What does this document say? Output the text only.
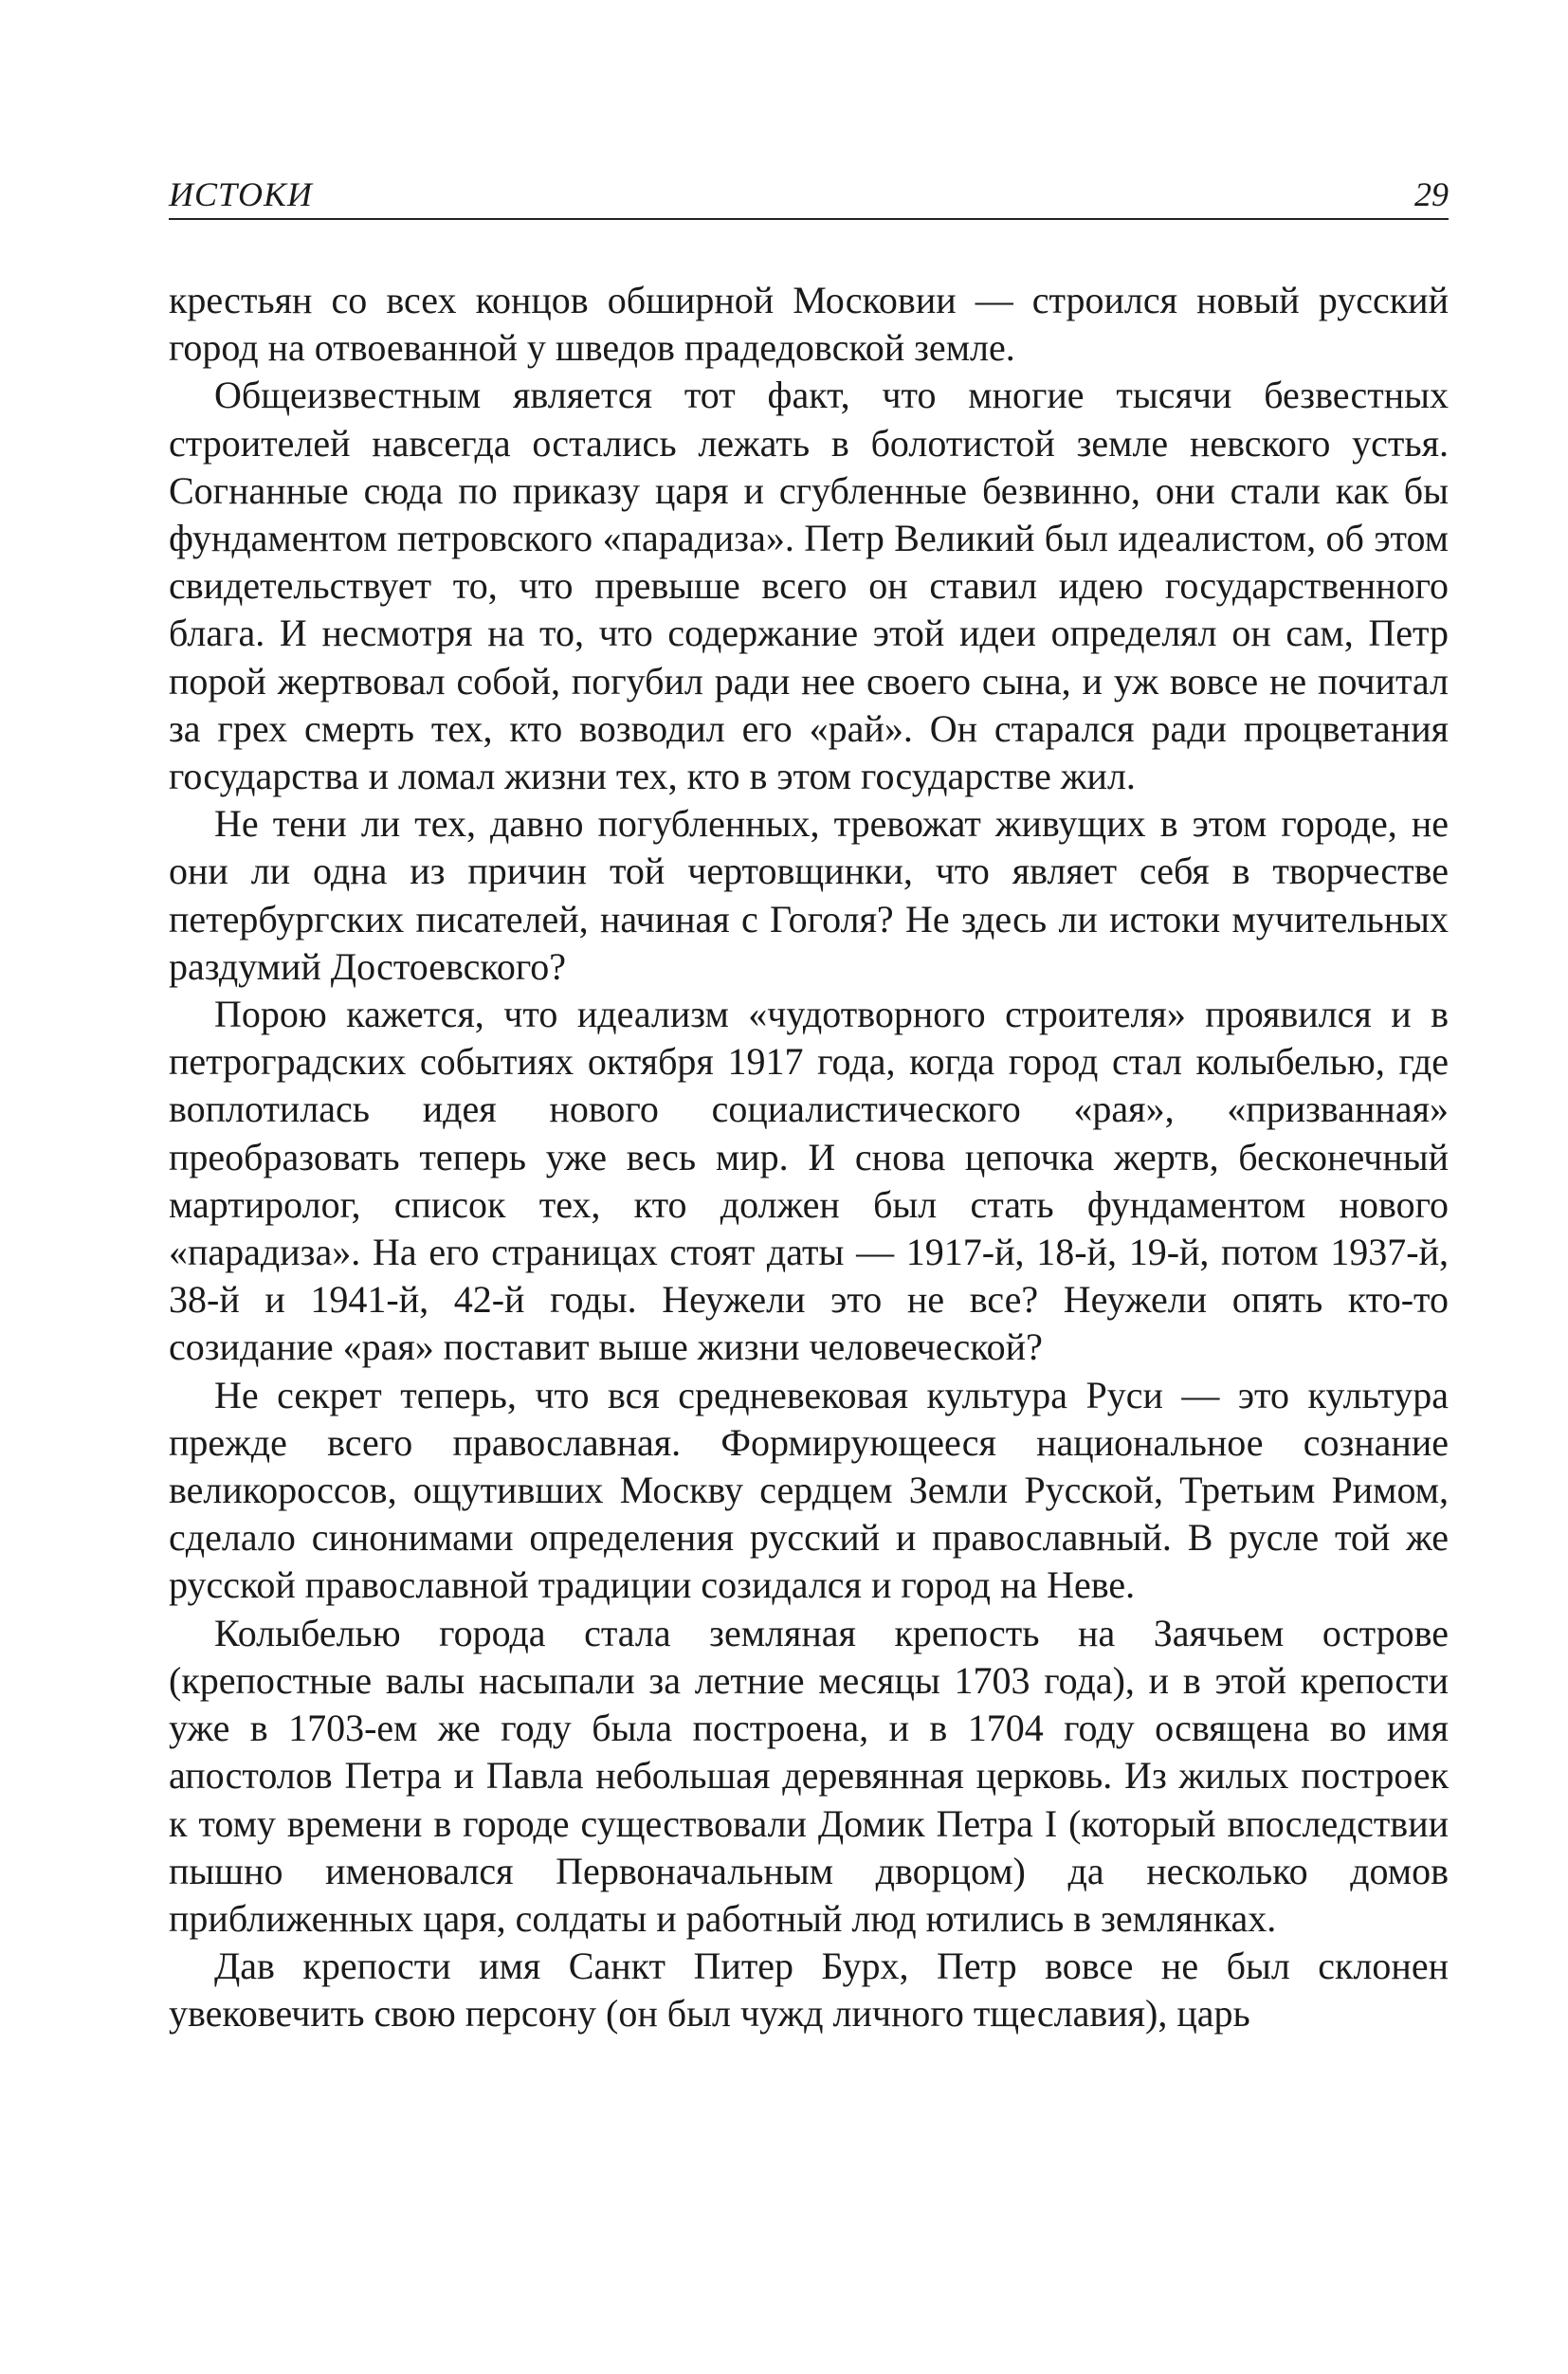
ИСТОКИ	29

крестьян со всех концов обширной Московии — строился новый русский город на отвоеванной у шведов прадедовской земле.

Общеизвестным является тот факт, что многие тысячи безвестных строителей навсегда остались лежать в болотистой земле невского устья. Согнанные сюда по приказу царя и сгубленные безвинно, они стали как бы фундаментом петровского «парадиза». Петр Великий был идеалистом, об этом свидетельствует то, что превыше всего он ставил идею государственного блага. И несмотря на то, что содержание этой идеи определял он сам, Петр порой жертвовал собой, погубил ради нее своего сына, и уж вовсе не почитал за грех смерть тех, кто возводил его «рай». Он старался ради процветания государства и ломал жизни тех, кто в этом государстве жил.

Не тени ли тех, давно погубленных, тревожат живущих в этом городе, не они ли одна из причин той чертовщинки, что являет себя в творчестве петербургских писателей, начиная с Гоголя? Не здесь ли истоки мучительных раздумий Достоевского?

Порою кажется, что идеализм «чудотворного строителя» проявился и в петроградских событиях октября 1917 года, когда город стал колыбелью, где воплотилась идея нового социалистического «рая», «призванная» преобразовать теперь уже весь мир. И снова цепочка жертв, бесконечный мартиролог, список тех, кто должен был стать фундаментом нового «парадиза». На его страницах стоят даты — 1917-й, 18-й, 19-й, потом 1937-й, 38-й и 1941-й, 42-й годы. Неужели это не все? Неужели опять кто-то созидание «рая» поставит выше жизни человеческой?

Не секрет теперь, что вся средневековая культура Руси — это культура прежде всего православная. Формирующееся национальное сознание великороссов, ощутивших Москву сердцем Земли Русской, Третьим Римом, сделало синонимами определения русский и православный. В русле той же русской православной традиции созидался и город на Неве.

Колыбелью города стала земляная крепость на Заячьем острове (крепостные валы насыпали за летние месяцы 1703 года), и в этой крепости уже в 1703-ем же году была построена, и в 1704 году освящена во имя апостолов Петра и Павла небольшая деревянная церковь. Из жилых построек к тому времени в городе существовали Домик Петра I (который впоследствии пышно именовался Первоначальным дворцом) да несколько домов приближенных царя, солдаты и работный люд ютились в землянках.

Дав крепости имя Санкт Питер Бурх, Петр вовсе не был склонен увековечить свою персону (он был чужд личного тщеславия), царь
